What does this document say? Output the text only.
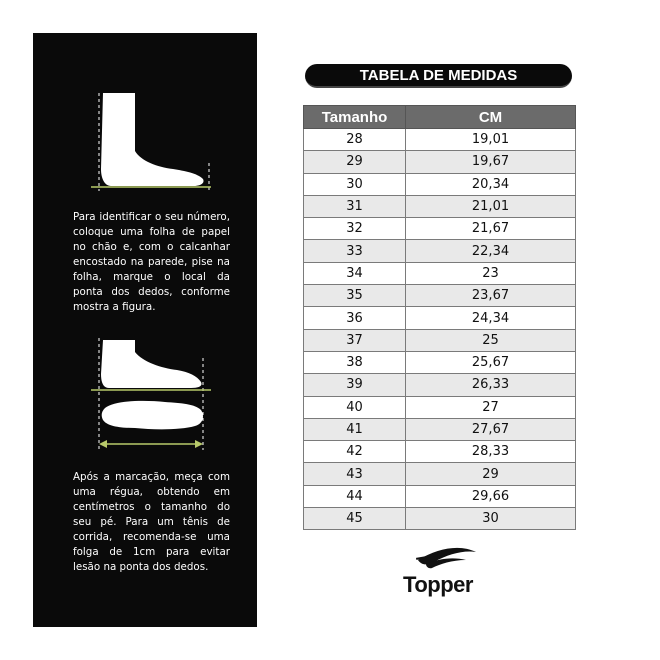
Para identificar o seu número, coloque uma folha de papel no chão e, com o calcanhar encostado na parede, pise na folha, marque o local da ponta dos dedos, conforme mostra a figura.

Após a marcação, meça com uma régua, obtendo em centímetros o tamanho do seu pé. Para um tênis de corrida, recomenda-se uma folga de 1cm para evitar lesão na ponta dos dedos.

TABELA DE MEDIDAS
Tamanho	CM
28	19,01
29	19,67
30	20,34
31	21,01
32	21,67
33	22,34
34	23
35	23,67
36	24,34
37	25
38	25,67
39	26,33
40	27
41	27,67
42	28,33
43	29
44	29,66
45	30
Topper
